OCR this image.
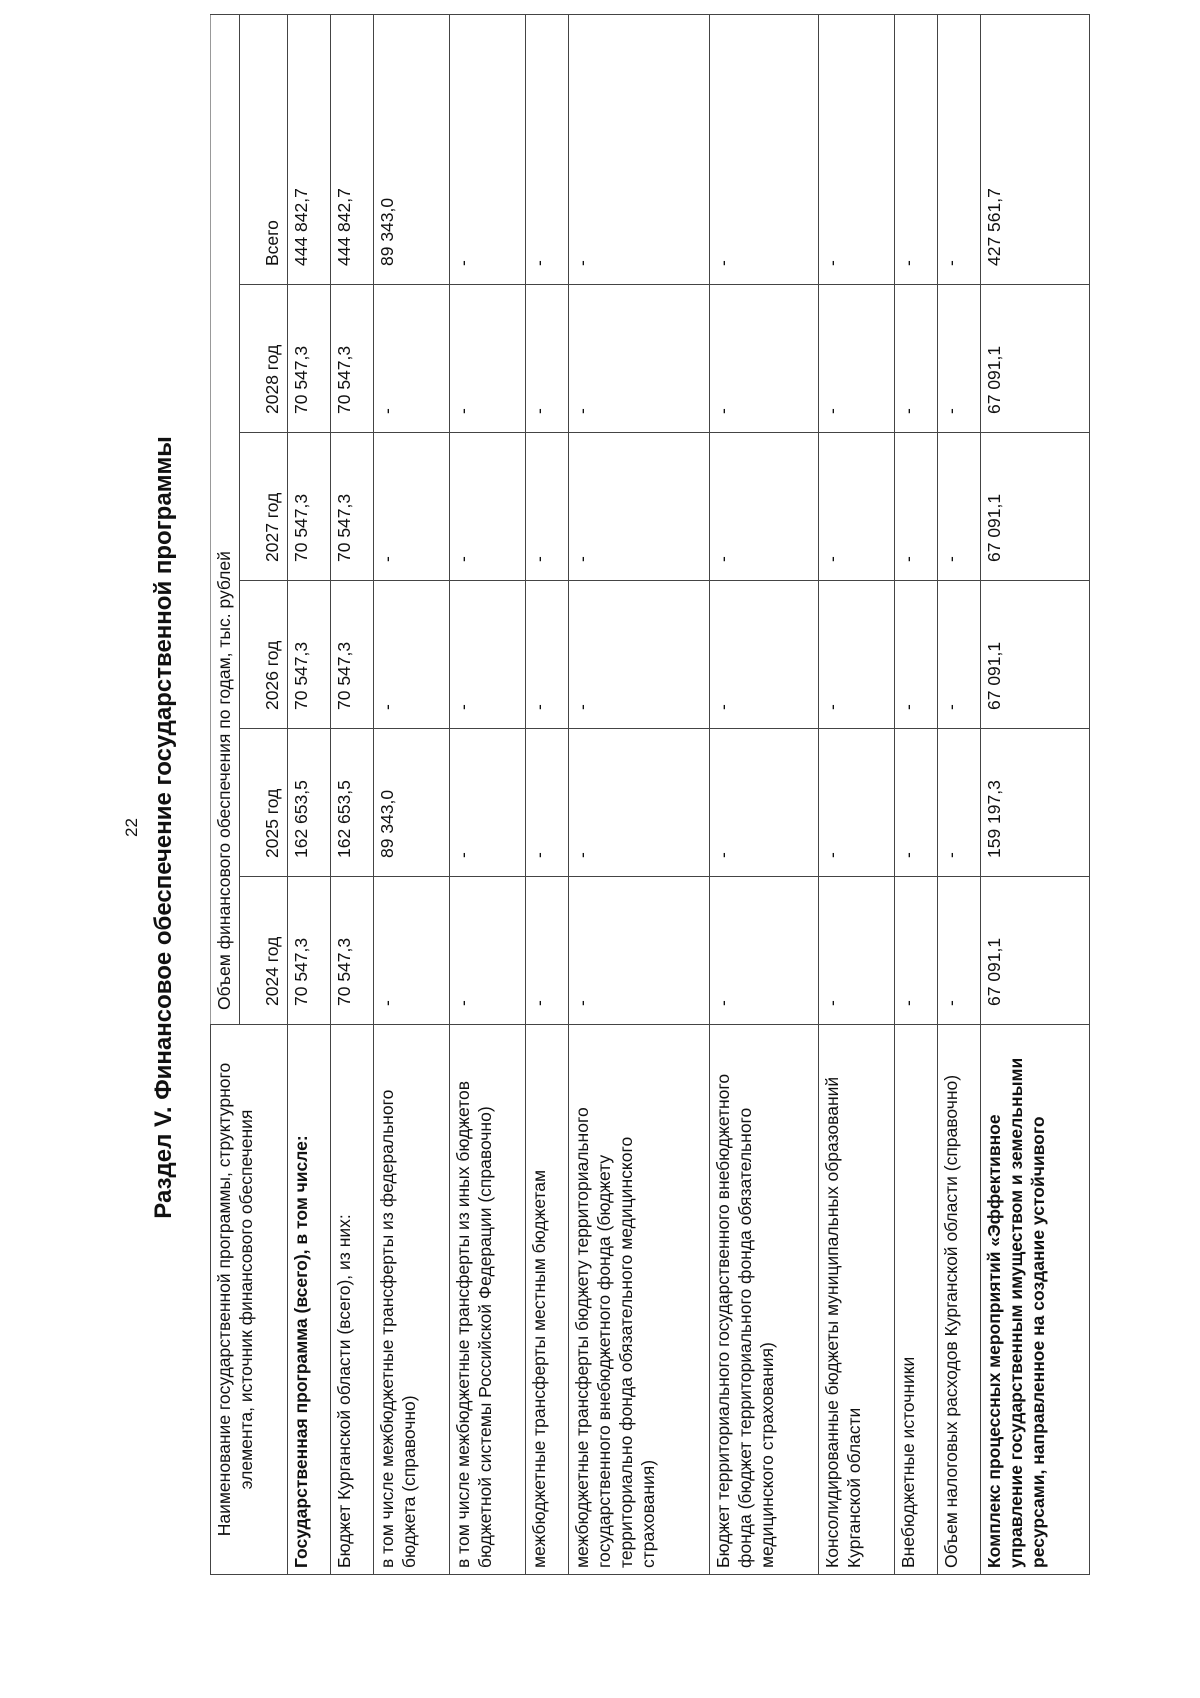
22 Раздел V. Финансовое обеспечение государственной программы
Наименование государственной программы, структурного элемента, источник финансового обеспечения	Объем финансового обеспечения по годам, тыс. рублей					
	2024 год	2025 год	2026 год	2027 год	2028 год	Всего
Государственная программа (всего), в том числе:	70 547,3	162 653,5	70 547,3	70 547,3	70 547,3	444 842,7
Бюджет Курганской области (всего), из них:	70 547,3	162 653,5	70 547,3	70 547,3	70 547,3	444 842,7
в том числе межбюджетные трансферты из федерального бюджета (справочно)	-	89 343,0	-	-	-	89 343,0
в том числе межбюджетные трансферты из иных бюджетов бюджетной системы Российской Федерации (справочно)	-	-	-	-	-	-
межбюджетные трансферты местным бюджетам	-	-	-	-	-	-
межбюджетные трансферты бюджету территориального государственного внебюджетного фонда (бюджету территориально фонда обязательного медицинского страхования)	-	-	-	-	-	-
Бюджет территориального государственного внебюджетного фонда (бюджет территориального фонда обязательного медицинского страхования)	-	-	-	-	-	-
Консолидированные бюджеты муниципальных образований Курганской области	-	-	-	-	-	-
Внебюджетные источники	-	-	-	-	-	-
Объем налоговых расходов Курганской области (справочно)	-	-	-	-	-	-
Комплекс процессных мероприятий «Эффективное управление государственным имуществом и земельными ресурсами, направленное на создание устойчивого	67 091,1	159 197,3	67 091,1	67 091,1	67 091,1	427 561,7
